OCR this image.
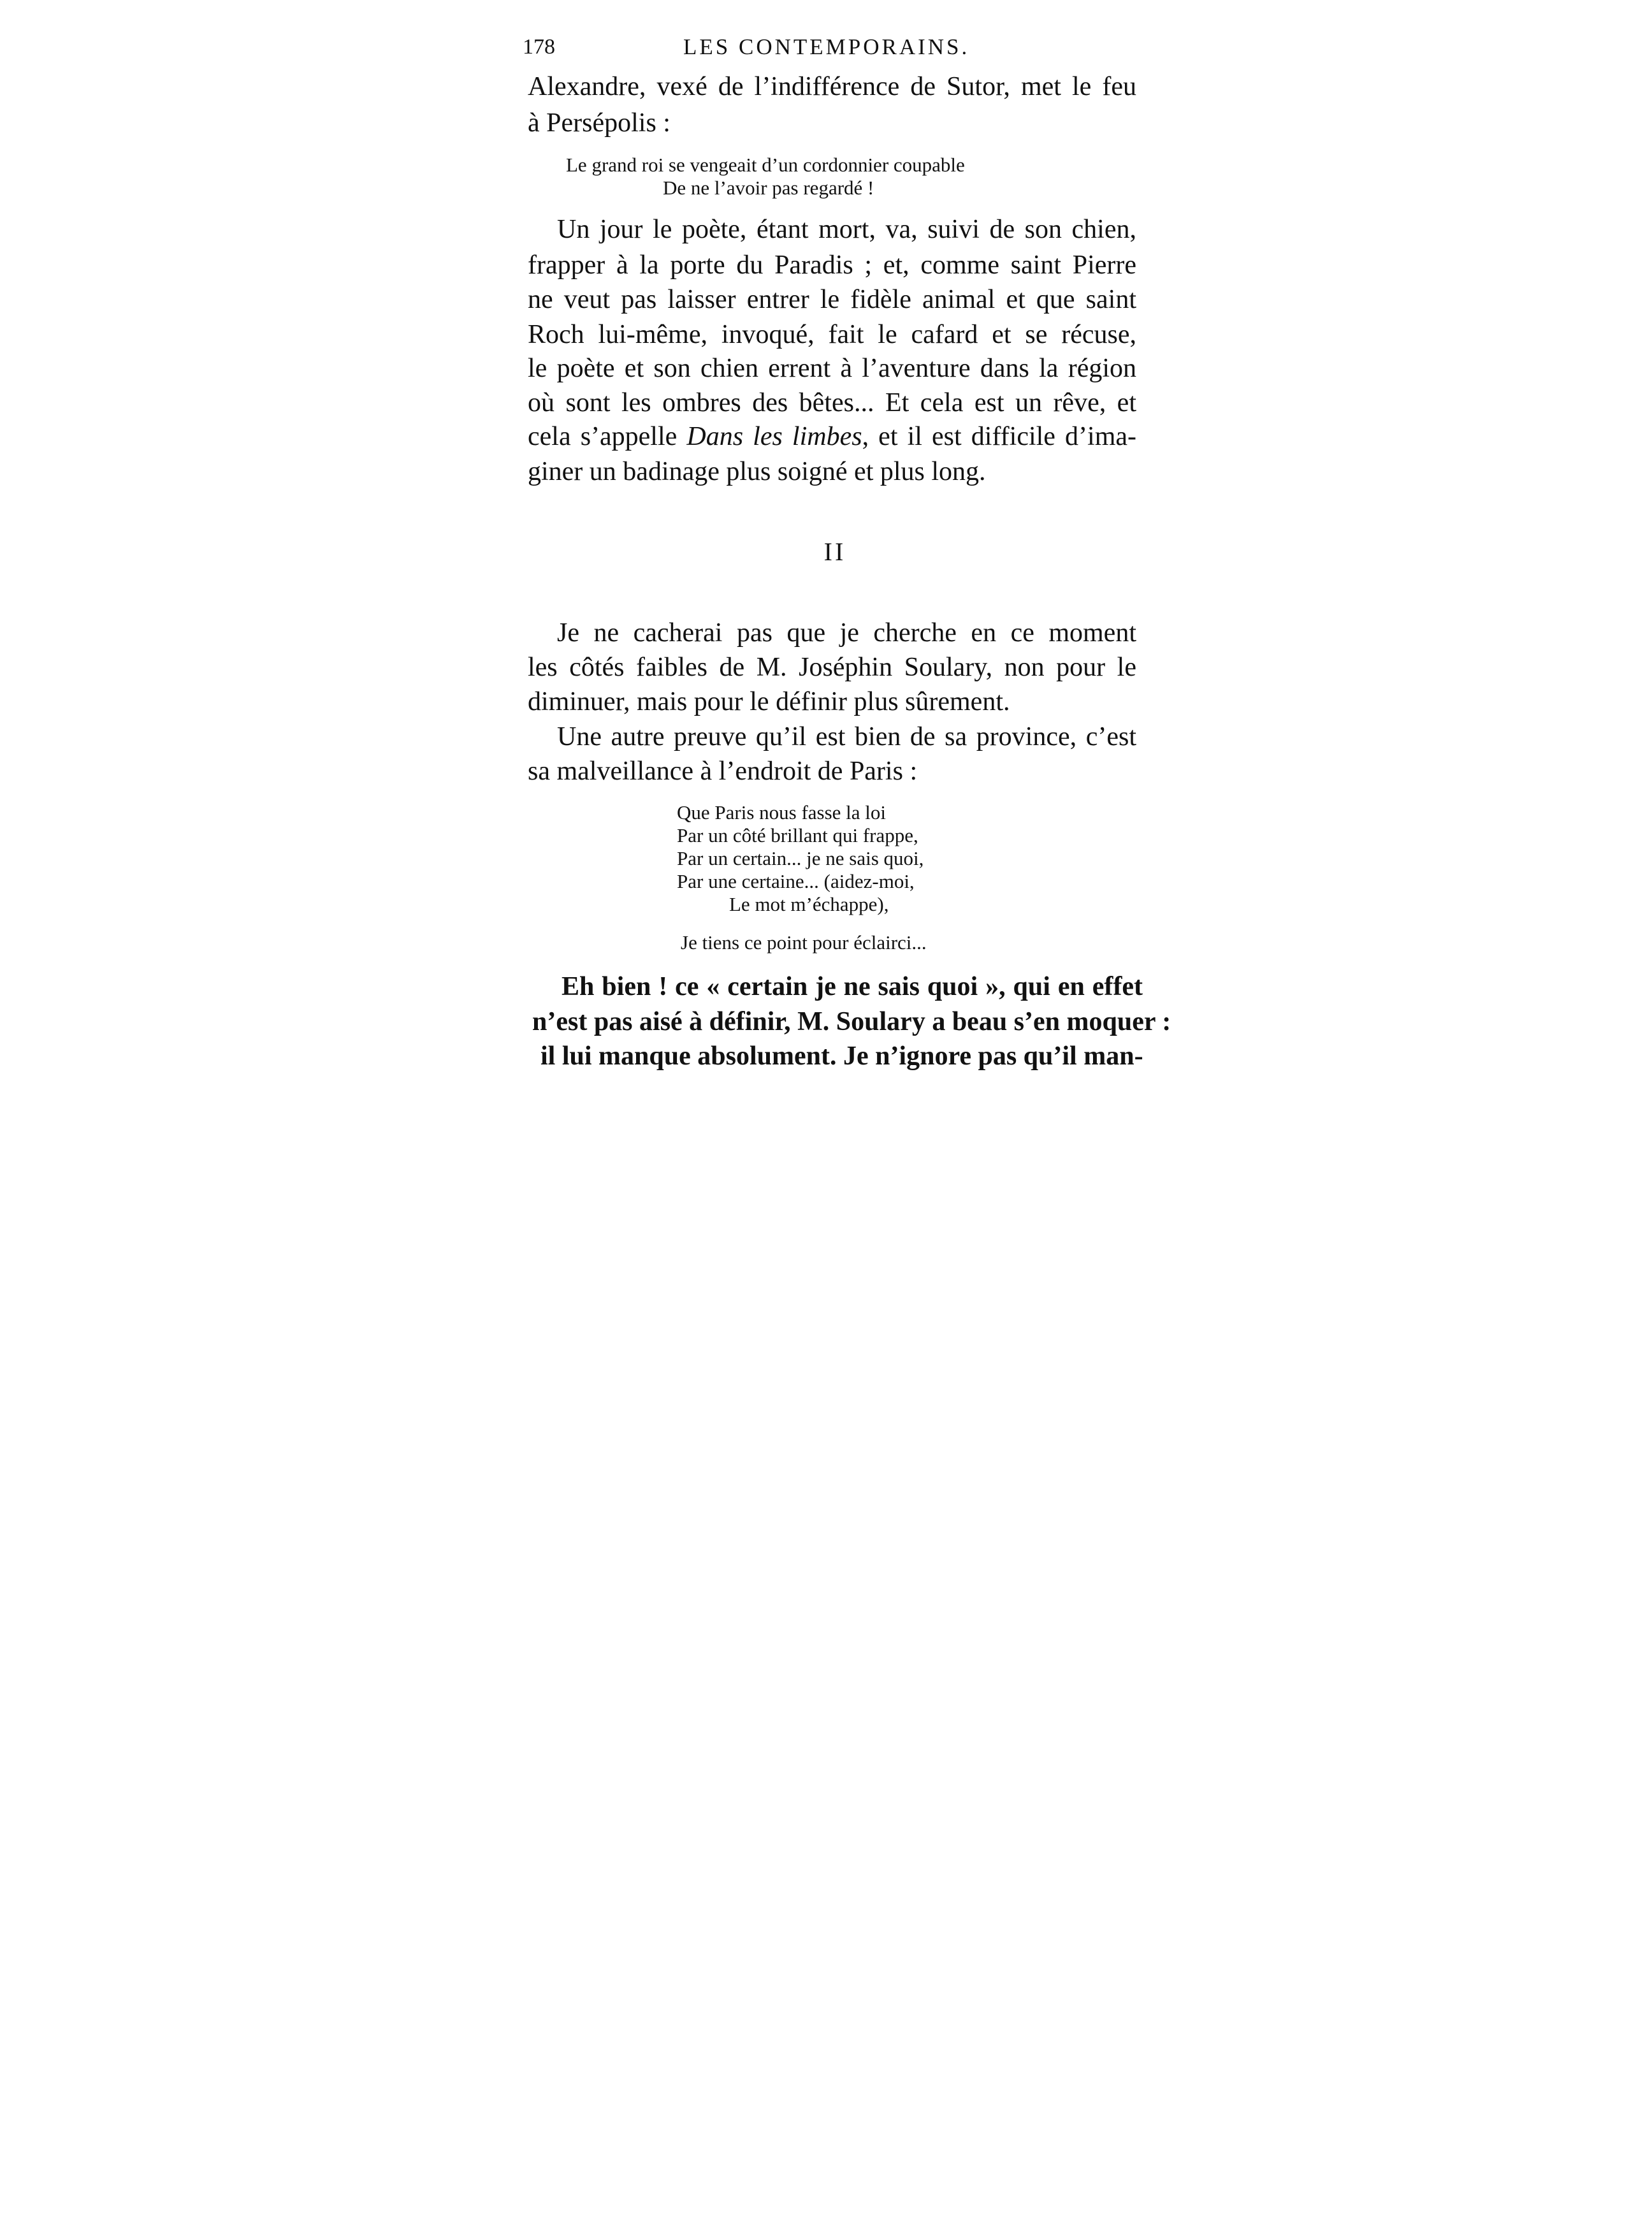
178	LES CONTEMPORAINS.
Alexandre, vexé de l’indifférence de Sutor, met le feu
à Persépolis :
Le grand roi se vengeait d’un cordonnier coupable
De ne l’avoir pas regardé !
Un jour le poète, étant mort, va, suivi de son chien,
frapper à la porte du Paradis ; et, comme saint Pierre
ne veut pas laisser entrer le fidèle animal et que saint
Roch lui-même, invoqué, fait le cafard et se récuse,
le poète et son chien errent à l’aventure dans la région
où sont les ombres des bêtes... Et cela est un rêve, et
cela s’appelle Dans les limbes, et il est difficile d’ima-
giner un badinage plus soigné et plus long.
II
Je ne cacherai pas que je cherche en ce moment
les côtés faibles de M. Joséphin Soulary, non pour le
diminuer, mais pour le définir plus sûrement.
Une autre preuve qu’il est bien de sa province, c’est
sa malveillance à l’endroit de Paris :
Que Paris nous fasse la loi
Par un côté brillant qui frappe,
Par un certain... je ne sais quoi,
Par une certaine... (aidez-moi,
Le mot m’échappe),
Je tiens ce point pour éclairci...
Eh bien ! ce « certain je ne sais quoi », qui en effet
n’est pas aisé à définir, M. Soulary a beau s’en moquer :
il lui manque absolument. Je n’ignore pas qu’il man-
